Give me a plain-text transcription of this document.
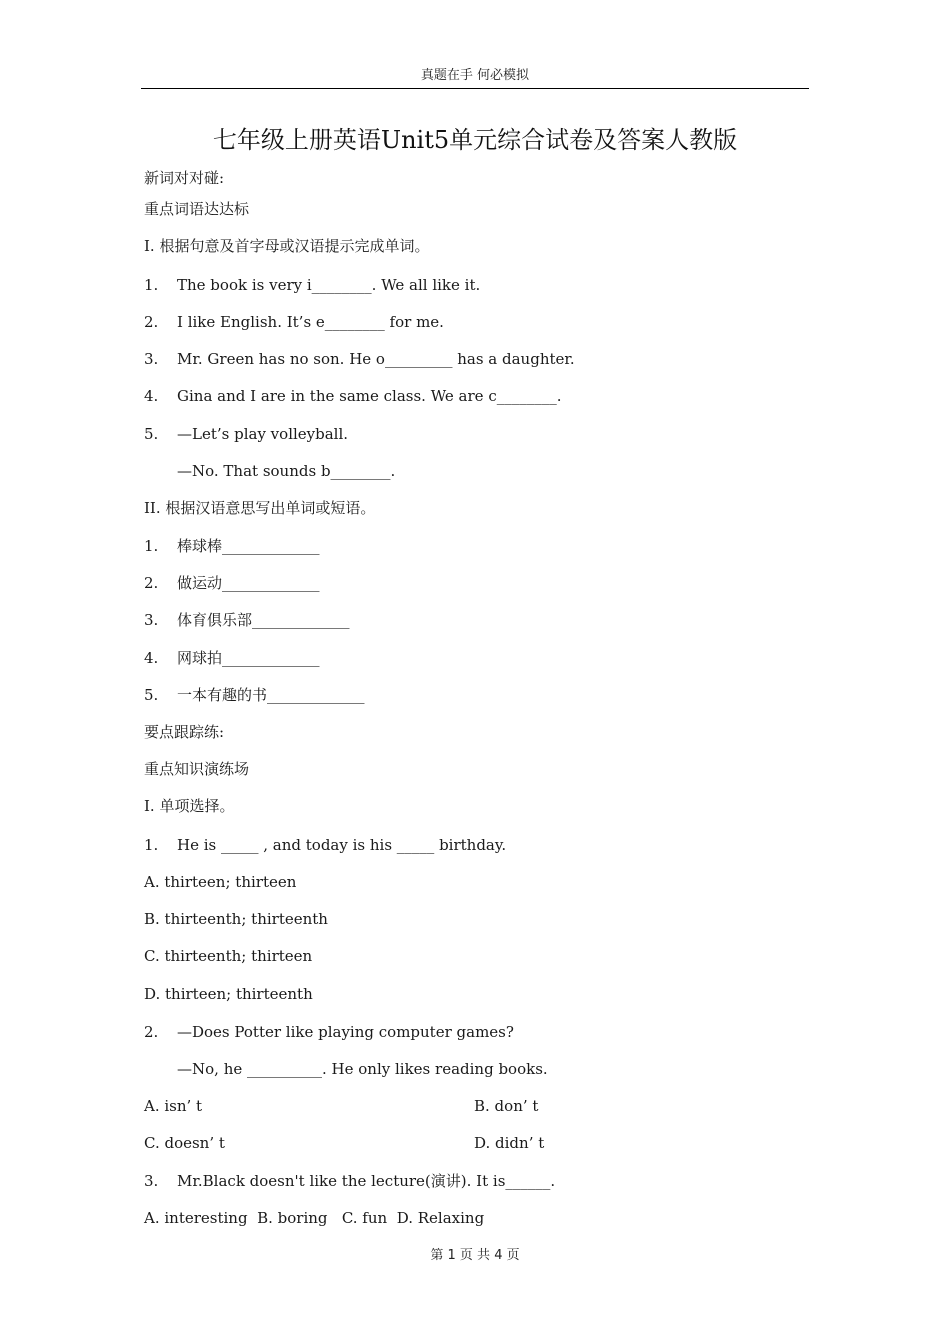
真题在手 何必模拟
七年级上册英语Unit5单元综合试卷及答案人教版
新词对对碰:
重点词语达达标
I. 根据句意及首字母或汉语提示完成单词。
1. The book is very i________. We all like it.
2. I like English. It’s e________ for me.
3. Mr. Green has no son. He o_________ has a daughter.
4. Gina and I are in the same class. We are c________.
5. —Let’s play volleyball.
—No. That sounds b________.
II. 根据汉语意思写出单词或短语。
1. 棒球棒_____________
2. 做运动_____________
3. 体育俱乐部_____________
4. 网球拍_____________
5. 一本有趣的书_____________
要点跟踪练:
重点知识演练场
I. 单项选择。
1. He is _____ , and today is his _____ birthday.
A. thirteen; thirteen
B. thirteenth; thirteenth
C. thirteenth; thirteen
D. thirteen; thirteenth
2. —Does Potter like playing computer games?
—No, he __________. He only likes reading books.
A. isn’ t	B. don’ t
C. doesn’ t	D. didn’ t
3. Mr.Black doesn't like the lecture(演讲). It is______.
A. interesting  B. boring   C. fun  D. Relaxing
第 1 页 共 4 页
